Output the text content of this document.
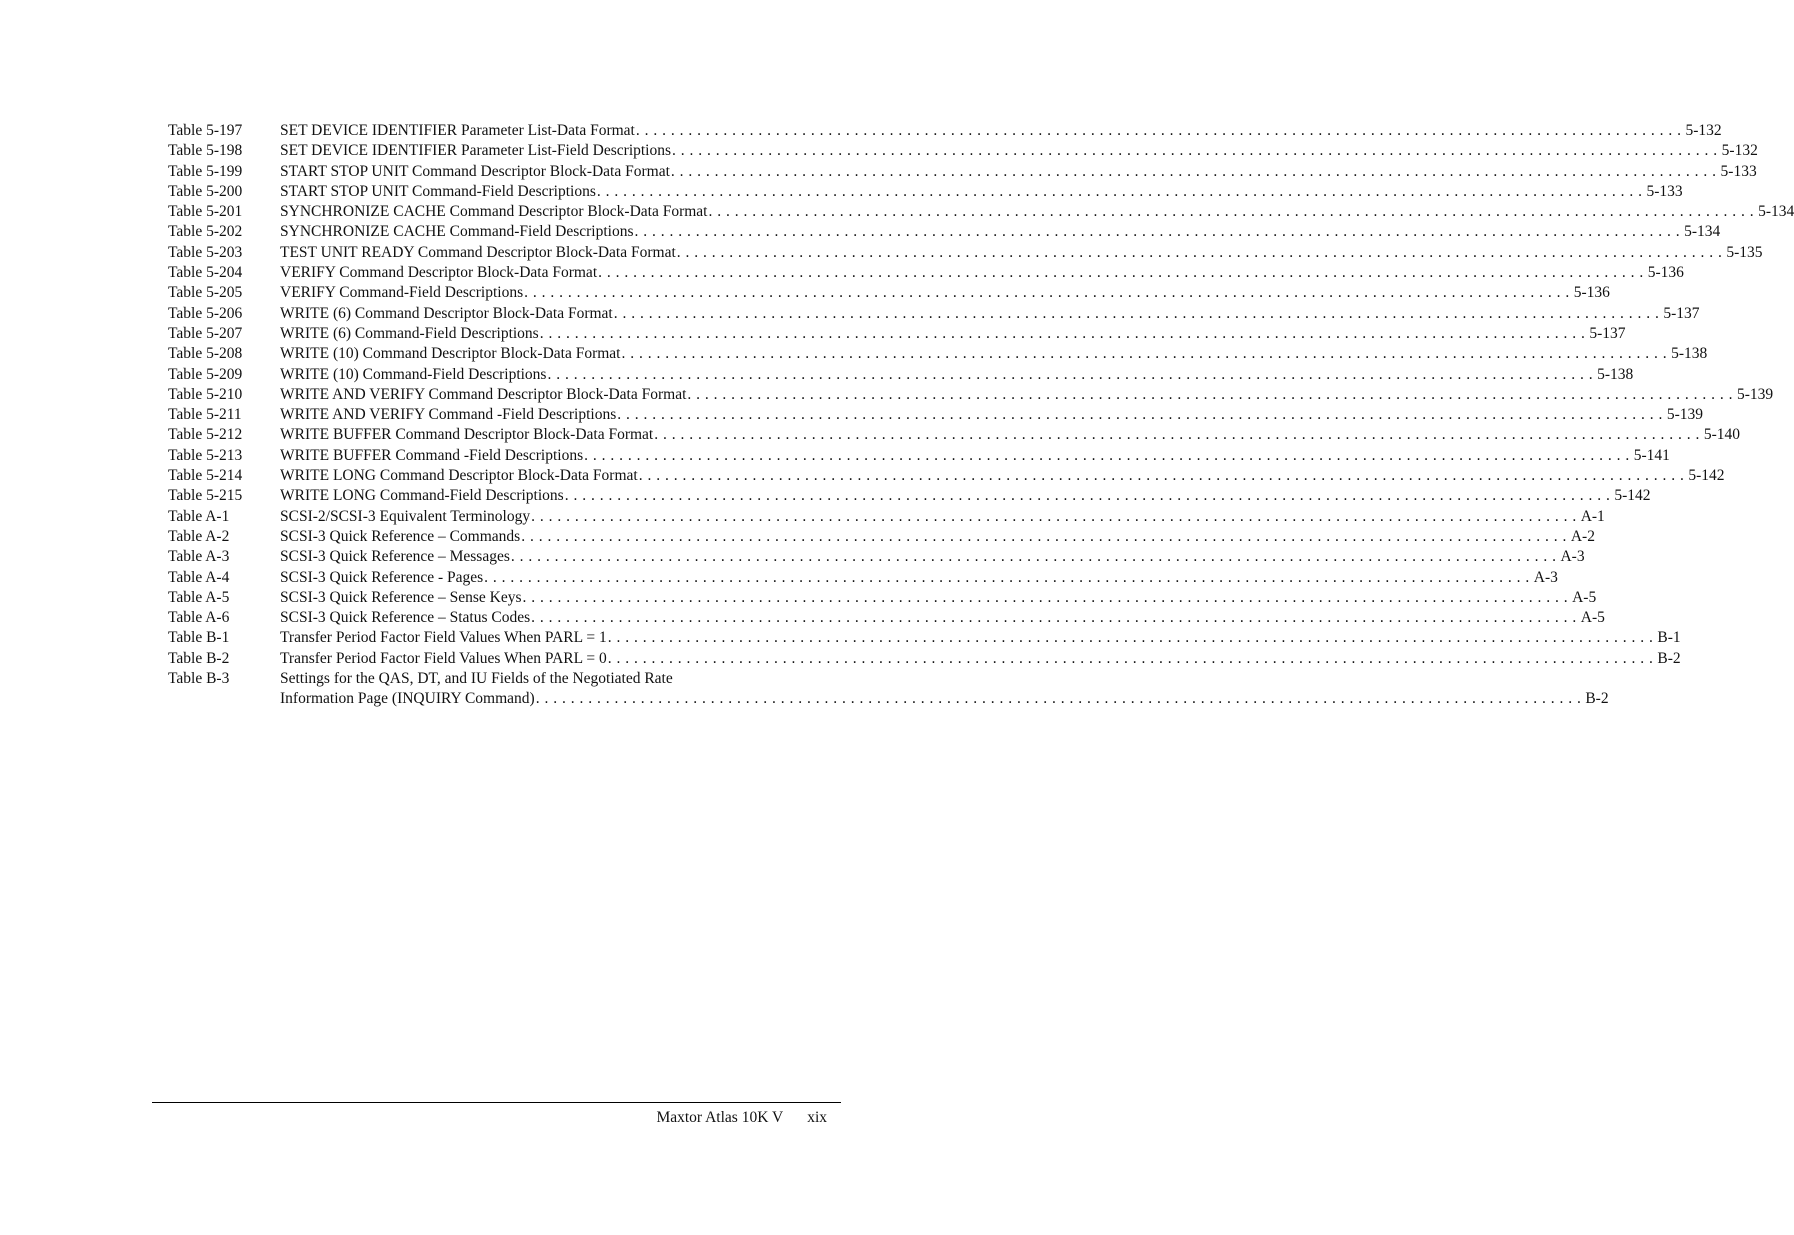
Table 5-197	SET DEVICE IDENTIFIER Parameter List-Data Format . . . . . . . . . . . . . . . . . . . . . . . . . . . . . . . . . . . . . . . . . . . . . . . . . . . . . . . . . . . . . . . . . . . . . . . . . . . . . . . . . . . . . . . . . . . . . . . . . . . . . . . . . . . . . . . . . . . . . . . . 5-132
Table 5-198	SET DEVICE IDENTIFIER Parameter List-Field Descriptions . . . . . . . . . . . . . . . . . . . . . . . . . . . . . . . . . . . . . . . . . . . . . . . . . . . . . . . . . . . . . . . . . . . . . . . . . . . . . . . . . . . . . . . . . . . . . . . . . . . . . . . . . . . . . . . . . . . . . . . . 5-132
Table 5-199	START STOP UNIT Command Descriptor Block-Data Format . . . . . . . . . . . . . . . . . . . . . . . . . . . . . . . . . . . . . . . . . . . . . . . . . . . . . . . . . . . . . . . . . . . . . . . . . . . . . . . . . . . . . . . . . . . . . . . . . . . . . . . . . . . . . . . . . . . . . . . . 5-133
Table 5-200	START STOP UNIT Command-Field Descriptions . . . . . . . . . . . . . . . . . . . . . . . . . . . . . . . . . . . . . . . . . . . . . . . . . . . . . . . . . . . . . . . . . . . . . . . . . . . . . . . . . . . . . . . . . . . . . . . . . . . . . . . . . . . . . . . . . . . . . . . . 5-133
Table 5-201	SYNCHRONIZE CACHE Command Descriptor Block-Data Format . . . . . . . . . . . . . . . . . . . . . . . . . . . . . . . . . . . . . . . . . . . . . . . . . . . . . . . . . . . . . . . . . . . . . . . . . . . . . . . . . . . . . . . . . . . . . . . . . . . . . . . . . . . . . . . . . . . . . . . . 5-134
Table 5-202	SYNCHRONIZE CACHE Command-Field Descriptions . . . . . . . . . . . . . . . . . . . . . . . . . . . . . . . . . . . . . . . . . . . . . . . . . . . . . . . . . . . . . . . . . . . . . . . . . . . . . . . . . . . . . . . . . . . . . . . . . . . . . . . . . . . . . . . . . . . . . . . . 5-134
Table 5-203	TEST UNIT READY Command Descriptor Block-Data Format . . . . . . . . . . . . . . . . . . . . . . . . . . . . . . . . . . . . . . . . . . . . . . . . . . . . . . . . . . . . . . . . . . . . . . . . . . . . . . . . . . . . . . . . . . . . . . . . . . . . . . . . . . . . . . . . . . . . . . . . 5-135
Table 5-204	VERIFY Command Descriptor Block-Data Format . . . . . . . . . . . . . . . . . . . . . . . . . . . . . . . . . . . . . . . . . . . . . . . . . . . . . . . . . . . . . . . . . . . . . . . . . . . . . . . . . . . . . . . . . . . . . . . . . . . . . . . . . . . . . . . . . . . . . . . . 5-136
Table 5-205	VERIFY Command-Field Descriptions . . . . . . . . . . . . . . . . . . . . . . . . . . . . . . . . . . . . . . . . . . . . . . . . . . . . . . . . . . . . . . . . . . . . . . . . . . . . . . . . . . . . . . . . . . . . . . . . . . . . . . . . . . . . . . . . . . . . . . . . 5-136
Table 5-206	WRITE (6) Command Descriptor Block-Data Format . . . . . . . . . . . . . . . . . . . . . . . . . . . . . . . . . . . . . . . . . . . . . . . . . . . . . . . . . . . . . . . . . . . . . . . . . . . . . . . . . . . . . . . . . . . . . . . . . . . . . . . . . . . . . . . . . . . . . . . . 5-137
Table 5-207	WRITE (6) Command-Field Descriptions . . . . . . . . . . . . . . . . . . . . . . . . . . . . . . . . . . . . . . . . . . . . . . . . . . . . . . . . . . . . . . . . . . . . . . . . . . . . . . . . . . . . . . . . . . . . . . . . . . . . . . . . . . . . . . . . . . . . . . . . 5-137
Table 5-208	WRITE (10) Command Descriptor Block-Data Format . . . . . . . . . . . . . . . . . . . . . . . . . . . . . . . . . . . . . . . . . . . . . . . . . . . . . . . . . . . . . . . . . . . . . . . . . . . . . . . . . . . . . . . . . . . . . . . . . . . . . . . . . . . . . . . . . . . . . . . . 5-138
Table 5-209	WRITE (10) Command-Field Descriptions . . . . . . . . . . . . . . . . . . . . . . . . . . . . . . . . . . . . . . . . . . . . . . . . . . . . . . . . . . . . . . . . . . . . . . . . . . . . . . . . . . . . . . . . . . . . . . . . . . . . . . . . . . . . . . . . . . . . . . . . 5-138
Table 5-210	WRITE AND VERIFY Command Descriptor Block-Data Format . . . . . . . . . . . . . . . . . . . . . . . . . . . . . . . . . . . . . . . . . . . . . . . . . . . . . . . . . . . . . . . . . . . . . . . . . . . . . . . . . . . . . . . . . . . . . . . . . . . . . . . . . . . . . . . . . . . . . . . . 5-139
Table 5-211	WRITE AND VERIFY Command -Field Descriptions . . . . . . . . . . . . . . . . . . . . . . . . . . . . . . . . . . . . . . . . . . . . . . . . . . . . . . . . . . . . . . . . . . . . . . . . . . . . . . . . . . . . . . . . . . . . . . . . . . . . . . . . . . . . . . . . . . . . . . . . 5-139
Table 5-212	WRITE BUFFER Command Descriptor Block-Data Format . . . . . . . . . . . . . . . . . . . . . . . . . . . . . . . . . . . . . . . . . . . . . . . . . . . . . . . . . . . . . . . . . . . . . . . . . . . . . . . . . . . . . . . . . . . . . . . . . . . . . . . . . . . . . . . . . . . . . . . . 5-140
Table 5-213	WRITE BUFFER Command -Field Descriptions . . . . . . . . . . . . . . . . . . . . . . . . . . . . . . . . . . . . . . . . . . . . . . . . . . . . . . . . . . . . . . . . . . . . . . . . . . . . . . . . . . . . . . . . . . . . . . . . . . . . . . . . . . . . . . . . . . . . . . . . 5-141
Table 5-214	WRITE LONG Command Descriptor Block-Data Format . . . . . . . . . . . . . . . . . . . . . . . . . . . . . . . . . . . . . . . . . . . . . . . . . . . . . . . . . . . . . . . . . . . . . . . . . . . . . . . . . . . . . . . . . . . . . . . . . . . . . . . . . . . . . . . . . . . . . . . . 5-142
Table 5-215	WRITE LONG Command-Field Descriptions . . . . . . . . . . . . . . . . . . . . . . . . . . . . . . . . . . . . . . . . . . . . . . . . . . . . . . . . . . . . . . . . . . . . . . . . . . . . . . . . . . . . . . . . . . . . . . . . . . . . . . . . . . . . . . . . . . . . . . . . 5-142
Table A-1	SCSI-2/SCSI-3 Equivalent Terminology . . . . . . . . . . . . . . . . . . . . . . . . . . . . . . . . . . . . . . . . . . . . . . . . . . . . . . . . . . . . . . . . . . . . . . . . . . . . . . . . . . . . . . . . . . . . . . . . . . . . . . . . . . . . . . . . . . . . . . . . A-1
Table A-2	SCSI-3 Quick Reference – Commands . . . . . . . . . . . . . . . . . . . . . . . . . . . . . . . . . . . . . . . . . . . . . . . . . . . . . . . . . . . . . . . . . . . . . . . . . . . . . . . . . . . . . . . . . . . . . . . . . . . . . . . . . . . . . . . . . . . . . . . . A-2
Table A-3	SCSI-3 Quick Reference – Messages . . . . . . . . . . . . . . . . . . . . . . . . . . . . . . . . . . . . . . . . . . . . . . . . . . . . . . . . . . . . . . . . . . . . . . . . . . . . . . . . . . . . . . . . . . . . . . . . . . . . . . . . . . . . . . . . . . . . . . . . A-3
Table A-4	SCSI-3 Quick Reference - Pages . . . . . . . . . . . . . . . . . . . . . . . . . . . . . . . . . . . . . . . . . . . . . . . . . . . . . . . . . . . . . . . . . . . . . . . . . . . . . . . . . . . . . . . . . . . . . . . . . . . . . . . . . . . . . . . . . . . . . . . . A-3
Table A-5	SCSI-3 Quick Reference – Sense Keys . . . . . . . . . . . . . . . . . . . . . . . . . . . . . . . . . . . . . . . . . . . . . . . . . . . . . . . . . . . . . . . . . . . . . . . . . . . . . . . . . . . . . . . . . . . . . . . . . . . . . . . . . . . . . . . . . . . . . . . . A-5
Table A-6	SCSI-3 Quick Reference – Status Codes . . . . . . . . . . . . . . . . . . . . . . . . . . . . . . . . . . . . . . . . . . . . . . . . . . . . . . . . . . . . . . . . . . . . . . . . . . . . . . . . . . . . . . . . . . . . . . . . . . . . . . . . . . . . . . . . . . . . . . . . A-5
Table B-1	Transfer Period Factor Field Values When PARL = 1 . . . . . . . . . . . . . . . . . . . . . . . . . . . . . . . . . . . . . . . . . . . . . . . . . . . . . . . . . . . . . . . . . . . . . . . . . . . . . . . . . . . . . . . . . . . . . . . . . . . . . . . . . . . . . . . . . . . . . . . . B-1
Table B-2	Transfer Period Factor Field Values When PARL = 0 . . . . . . . . . . . . . . . . . . . . . . . . . . . . . . . . . . . . . . . . . . . . . . . . . . . . . . . . . . . . . . . . . . . . . . . . . . . . . . . . . . . . . . . . . . . . . . . . . . . . . . . . . . . . . . . . . . . . . . . . B-2
Table B-3	Settings for the QAS, DT, and IU Fields of the Negotiated Rate
Information Page (INQUIRY Command) . . . . . . . . . . . . . . . . . . . . . . . . . . . . . . . . . . . . . . . . . . . . . . . . . . . . . . . . . . . . . . . . . . . . . . . . . . . . . . . . . . . . . . . . . . . . . . . . . . . . . . . . . . . . . . . . . . . . . . . . B-2
Maxtor Atlas 10K V xix
